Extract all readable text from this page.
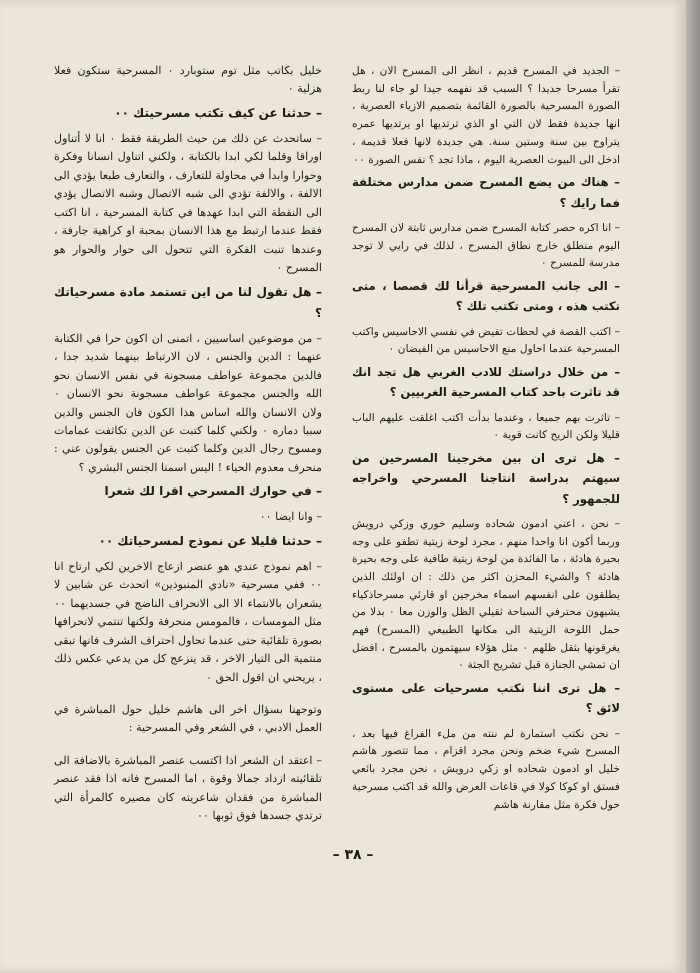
– الجديد في المسرح قديم ، انظر الى المسرح الان ، هل تقرأ مسرحا جديدا ؟ السبب قد نفهمه جيدا لو جاء لنا ربط الصورة المسرحية بالصورة القائمة بتصميم الازياء العصرية ، انها جديدة فقط لان التي او الذي ترتديها او يرتديها عمره يتراوح بين سنة وستين سنة. هي جديدة لانها فعلا قديمة ، ادخل الى البيوت العصرية اليوم ، ماذا تجد ؟ نفس الصورة ٠٠
– هناك من يضع المسرح ضمن مدارس مختلفة فما رايك ؟
– انا اكره حصر كتابة المسرح ضمن مدارس ثابتة لان المسرح اليوم منطلق خارج نطاق المسرح ، لذلك في رايي لا توجد مدرسة للمسرح ٠
– الى جانب المسرحية قرأنا لك قصصا ، متى تكتب هذه ، ومتى تكتب تلك ؟
– اكتب القصة في لحظات تفيض في نفسي الاحاسيس واكتب المسرحية عندما احاول منع الاحاسيس من الفيضان ٠
– من خلال دراستك للادب الغربي هل تجد انك قد تاثرت باحد كتاب المسرحية الغربيين ؟
– تاثرت بهم جميعا ، وعندما بدأت اكتب اغلقت عليهم الباب قليلا ولكن الريح كانت قوية ٠
– هل ترى ان بين مخرجينا المسرحين من سيهتم بدراسة انتاجنا المسرحي واخراجه للجمهور ؟
– نحن ، اعني ادمون شحاده وسليم خوري وزكي درويش وربما أكون انا واحدا منهم ، مجرد لوحة زيتية تطفو على وجه بحيرة هادئة ، ما الفائدة من لوحة زيتية طافية على وجه بحيرة هادئة ؟ والشيء المحزن اكثر من ذلك : ان اولئك الذين يطلقون على انفسهم اسماء مخرجين او قارئي مسرحاذكياء يشبهون محترفي السباحة ثقيلي الظل والوزن معا ٠ بدلا من حمل اللوحة الزيتية الى مكانها الطبيعي (المسرح) فهم يغرقونها بثقل ظلهم ٠ مثل هؤلاء سيهتمون بالمسرح ، افضل ان تمشي الجنازة قبل تشريح الجثة ٠
– هل ترى اننا نكتب مسرحيات على مستوى لائق ؟
– نحن نكتب استمارة لم ننته من ملء الفراغ فيها بعد ، المسرح شيء ضخم ونحن مجرد اقزام ، مما تتصور هاشم خليل او ادمون شحاده او زكي درويش ، نحن مجرد بائعي فستق او كوكا كولا في قاعات العرض والله قد اكتب مسرحية حول فكرة مثل مقارنة هاشم
خليل بكاتب مثل توم ستوبارد ٠ المسرحية ستكون فعلا هزلية ٠
– حدثنا عن كيف تكتب مسرحيتك ٠٠
– ساتحدث عن ذلك من حيث الطريقة فقط ٠ انا لا أتناول اوراقا وقلما لكي ابدا بالكتابة ، ولكني اتناول انسانا وفكرة وحوارا وابدأ في محاولة للتعارف ، والتعارف طبعا يؤدي الى الالفة ، والالفة تؤدي الى شبه الاتصال وشبه الاتصال يؤدي الى النقطة التي ابدا عهدها في كتابة المسرحية ، انا اكتب فقط عندما ارتبط مع هذا الانسان بمحبة او كراهية جارفة ، وعندها تنبت الفكرة التي تتحول الى حوار والحوار هو المسرح ٠
– هل تقول لنا من اين تستمد مادة مسرحياتك ؟
– من موضوعين اساسيين ، اتمنى ان اكون حرا في الكتابة عنهما : الدين والجنس ، لان الارتباط بينهما شديد جدا ، فالدين مجموعة عواطف مسجونة في نفس الانسان نحو الله والجنس مجموعة عواطف مسجونة نحو الانسان ٠ ولان الانسان والله اساس هذا الكون فان الجنس والدين سببا دماره ٠ ولكني كلما كتبت عن الدين تكاثفت عمامات ومسوح رجال الدين وكلما كتبت عن الجنس يقولون عني : منحرف معدوم الحياء ! اليس اسمنا الجنس البشري ؟
– في حوارك المسرحي اقرا لك شعرا
– وانا ايضا ٠٠
– حدثنا قليلا عن نموذج لمسرحياتك ٠٠
– اهم نموذج عندي هو عنصر ازعاج الاخرين لكي ارتاح انا ٠٠ ففي مسرحية «نادي المنبوذين» اتحدث عن شابين لا يشعران بالانتماء الا الى الانحراف الناضج في جسديهما ٠٠ مثل المومسات ، فالمومس منحرفة ولكنها تنتمي لانحرافها بصورة تلقائية حتى عندما تحاول احتراف الشرف فانها تبقى منتمية الى التيار الاخر ، قد ينزعج كل من يدعي عكس ذلك ، يريحني ان اقول الحق ٠
وتوجهنا بسؤال اخر الى هاشم خليل حول المباشرة في العمل الادبي ، في الشعر وفي المسرحية :
– اعتقد ان الشعر اذا اكتسب عنصر المباشرة بالاضافة الى تلقائيته ازداد جمالا وقوة ، اما المسرح فانه اذا فقد عنصر المباشرة من فقدان شاعريته كان مصيره كالمرأة التي ترتدي جسدها فوق ثوبها ٠٠
– ٣٨ –
